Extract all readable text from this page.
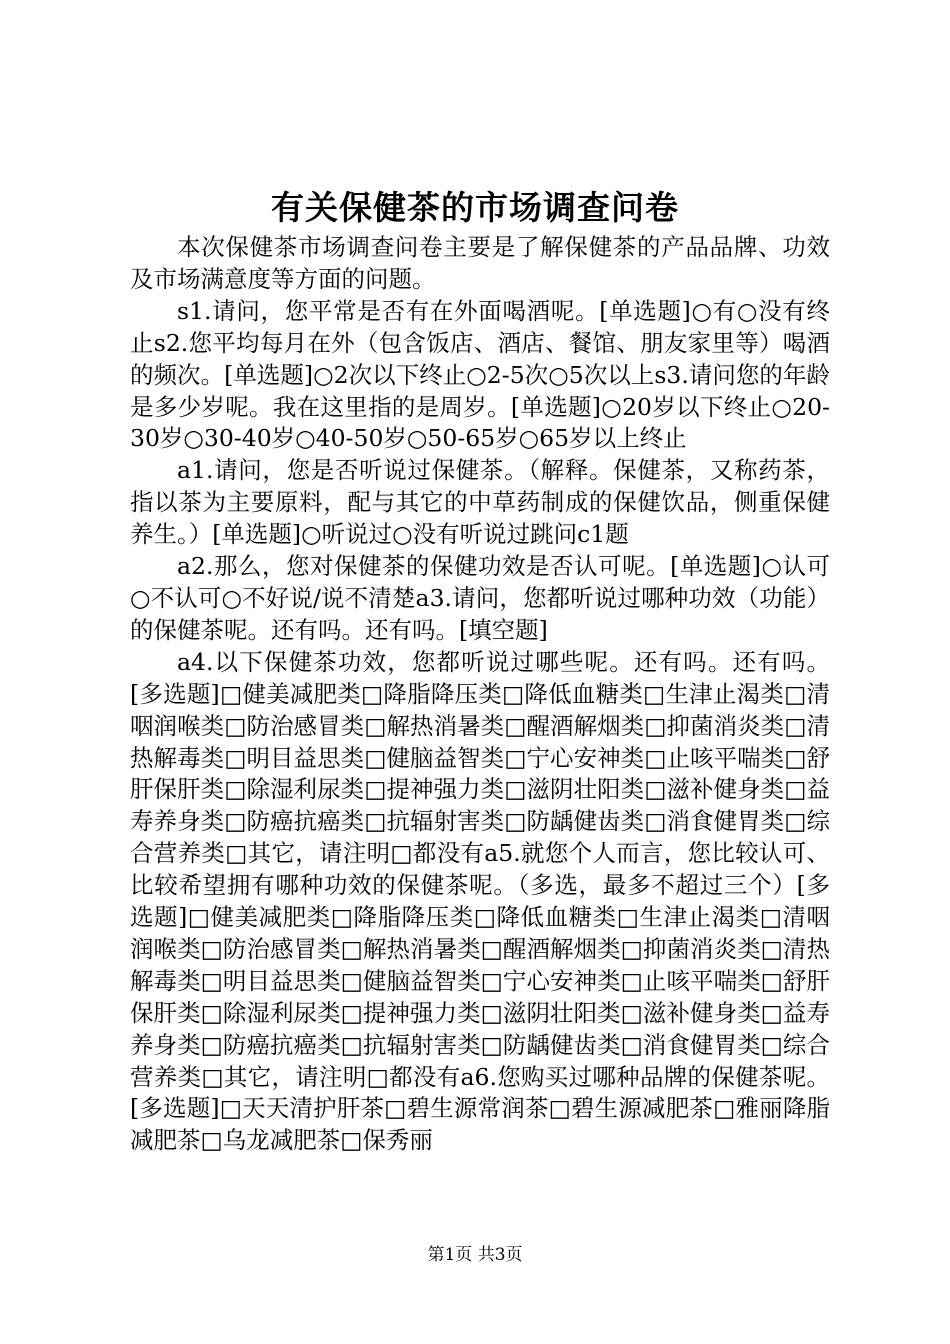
有关保健茶的市场调查问卷

本次保健茶市场调查问卷主要是了解保健茶的产品品牌、功效及市场满意度等方面的问题。

s1.请问，您平常是否有在外面喝酒呢。[单选题]○有○没有终止s2.您平均每月在外（包含饭店、酒店、餐馆、朋友家里等）喝酒的频次。[单选题]○2次以下终止○2-5次○5次以上s3.请问您的年龄是多少岁呢。我在这里指的是周岁。[单选题]○20岁以下终止○20-30岁○30-40岁○40-50岁○50-65岁○65岁以上终止

a1.请问，您是否听说过保健茶。（解释。保健茶，又称药茶，指以茶为主要原料，配与其它的中草药制成的保健饮品，侧重保健养生。）[单选题]○听说过○没有听说过跳问c1题

a2.那么，您对保健茶的保健功效是否认可呢。[单选题]○认可○不认可○不好说/说不清楚a3.请问，您都听说过哪种功效（功能）的保健茶呢。还有吗。还有吗。[填空题]

a4.以下保健茶功效，您都听说过哪些呢。还有吗。还有吗。[多选题]□健美减肥类□降脂降压类□降低血糖类□生津止渴类□清咽润喉类□防治感冒类□解热消暑类□醒酒解烟类□抑菌消炎类□清热解毒类□明目益思类□健脑益智类□宁心安神类□止咳平喘类□舒肝保肝类□除湿利尿类□提神强力类□滋阴壮阳类□滋补健身类□益寿养身类□防癌抗癌类□抗辐射害类□防龋健齿类□消食健胃类□综合营养类□其它，请注明□都没有a5.就您个人而言，您比较认可、比较希望拥有哪种功效的保健茶呢。（多选，最多不超过三个）[多选题]□健美减肥类□降脂降压类□降低血糖类□生津止渴类□清咽润喉类□防治感冒类□解热消暑类□醒酒解烟类□抑菌消炎类□清热解毒类□明目益思类□健脑益智类□宁心安神类□止咳平喘类□舒肝保肝类□除湿利尿类□提神强力类□滋阴壮阳类□滋补健身类□益寿养身类□防癌抗癌类□抗辐射害类□防龋健齿类□消食健胃类□综合营养类□其它，请注明□都没有a6.您购买过哪种品牌的保健茶呢。[多选题]□天天清护肝茶□碧生源常润茶□碧生源减肥茶□雅丽降脂减肥茶□乌龙减肥茶□保秀丽

第1页 共3页
